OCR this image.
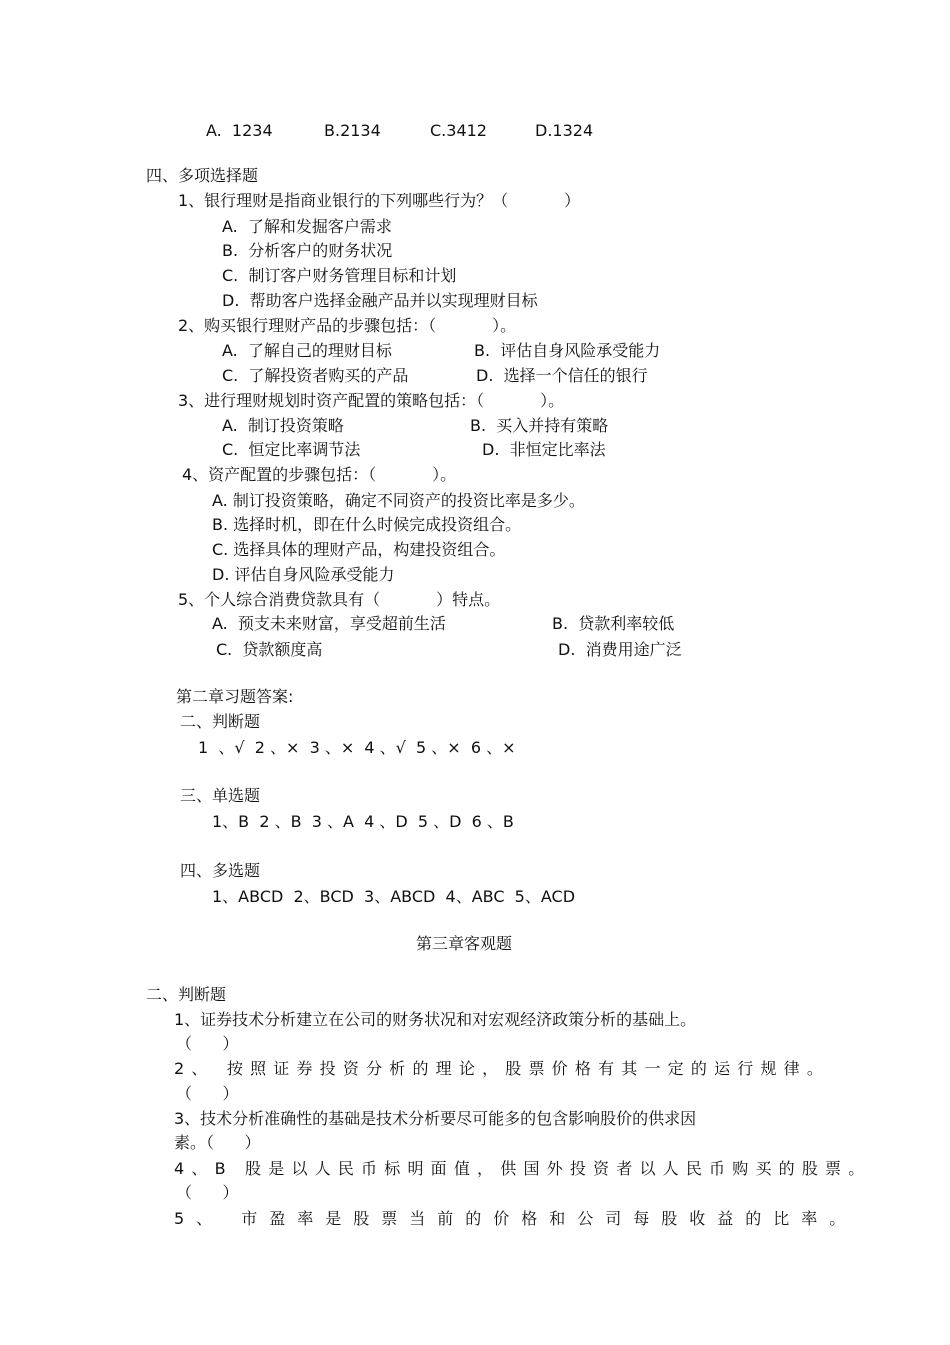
A.  1234	B.2134	C.3412	D.1324
四、多项选择题
1、银行理财是指商业银行的下列哪些行为？（           ）
A.  了解和发掘客户需求
B.  分析客户的财务状况
C.  制订客户财务管理目标和计划
D.  帮助客户选择金融产品并以实现理财目标
2、购买银行理财产品的步骤包括：（           ）。
A.  了解自己的理财目标	B.  评估自身风险承受能力
C.  了解投资者购买的产品	D.  选择一个信任的银行
3、进行理财规划时资产配置的策略包括：（           ）。
A.  制订投资策略	B.  买入并持有策略
C.  恒定比率调节法	D.  非恒定比率法
4、资产配置的步骤包括：（           ）。
A. 制订投资策略，确定不同资产的投资比率是多少。
B. 选择时机，即在什么时候完成投资组合。
C. 选择具体的理财产品，构建投资组合。
D. 评估自身风险承受能力
5、个人综合消费贷款具有（           ）特点。
A.  预支未来财富，享受超前生活	B.  贷款利率较低
C.  贷款额度高	D.  消费用途广泛
第二章习题答案:
二、判断题
1  、√  2 、×  3 、×  4 、√  5 、×  6 、×
三、单选题
1、B  2 、B  3 、A  4 、D  5 、D  6 、B
四、多选题
1、ABCD  2、BCD  3、ABCD  4、ABC  5、ACD
第三章客观题
二、判断题
1、证券技术分析建立在公司的财务状况和对宏观经济政策分析的基础上。
（      ）
2、 按照证券投资分析的理论，股票价格有其一定的运行规律。
（      ）
3、技术分析准确性的基础是技术分析要尽可能多的包含影响股价的供求因
素。（      ）
4、B 股是以人民币标明面值，供国外投资者以人民币购买的股票。
（      ）
5、 市盈率是股票当前的价格和公司每股收益的比率。
